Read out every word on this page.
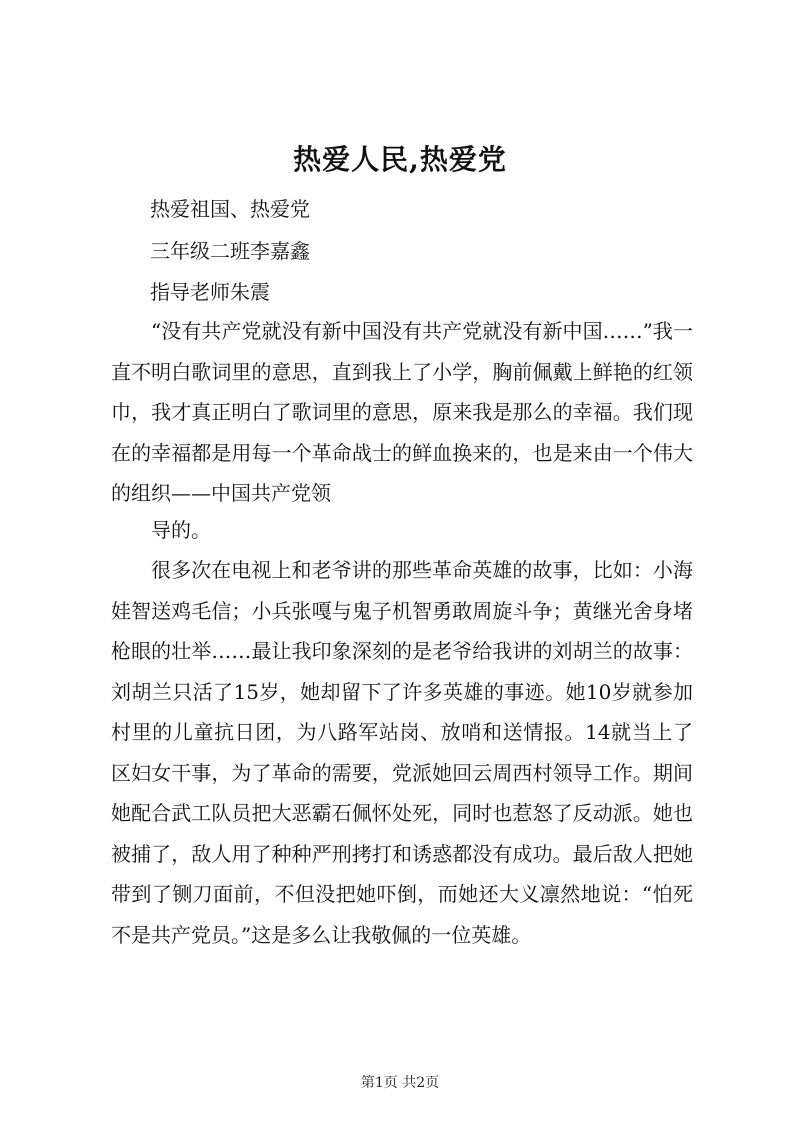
热爱人民,热爱党
热爱祖国、热爱党
三年级二班李嘉鑫
指导老师朱震
“没有共产党就没有新中国没有共产党就没有新中国……”我一直不明白歌词里的意思，直到我上了小学，胸前佩戴上鲜艳的红领巾，我才真正明白了歌词里的意思，原来我是那么的幸福。我们现在的幸福都是用每一个革命战士的鲜血换来的，也是来由一个伟大的组织——中国共产党领
导的。
很多次在电视上和老爷讲的那些革命英雄的故事，比如：小海娃智送鸡毛信；小兵张嘎与鬼子机智勇敢周旋斗争；黄继光舍身堵枪眼的壮举……最让我印象深刻的是老爷给我讲的刘胡兰的故事：刘胡兰只活了15岁，她却留下了许多英雄的事迹。她10岁就参加村里的儿童抗日团，为八路军站岗、放哨和送情报。14就当上了区妇女干事，为了革命的需要，党派她回云周西村领导工作。期间她配合武工队员把大恶霸石佩怀处死，同时也惹怒了反动派。她也被捕了，敌人用了种种严刑拷打和诱惑都没有成功。最后敌人把她带到了铡刀面前，不但没把她吓倒，而她还大义凛然地说：“怕死不是共产党员。”这是多么让我敬佩的一位英雄。
第1页 共2页
